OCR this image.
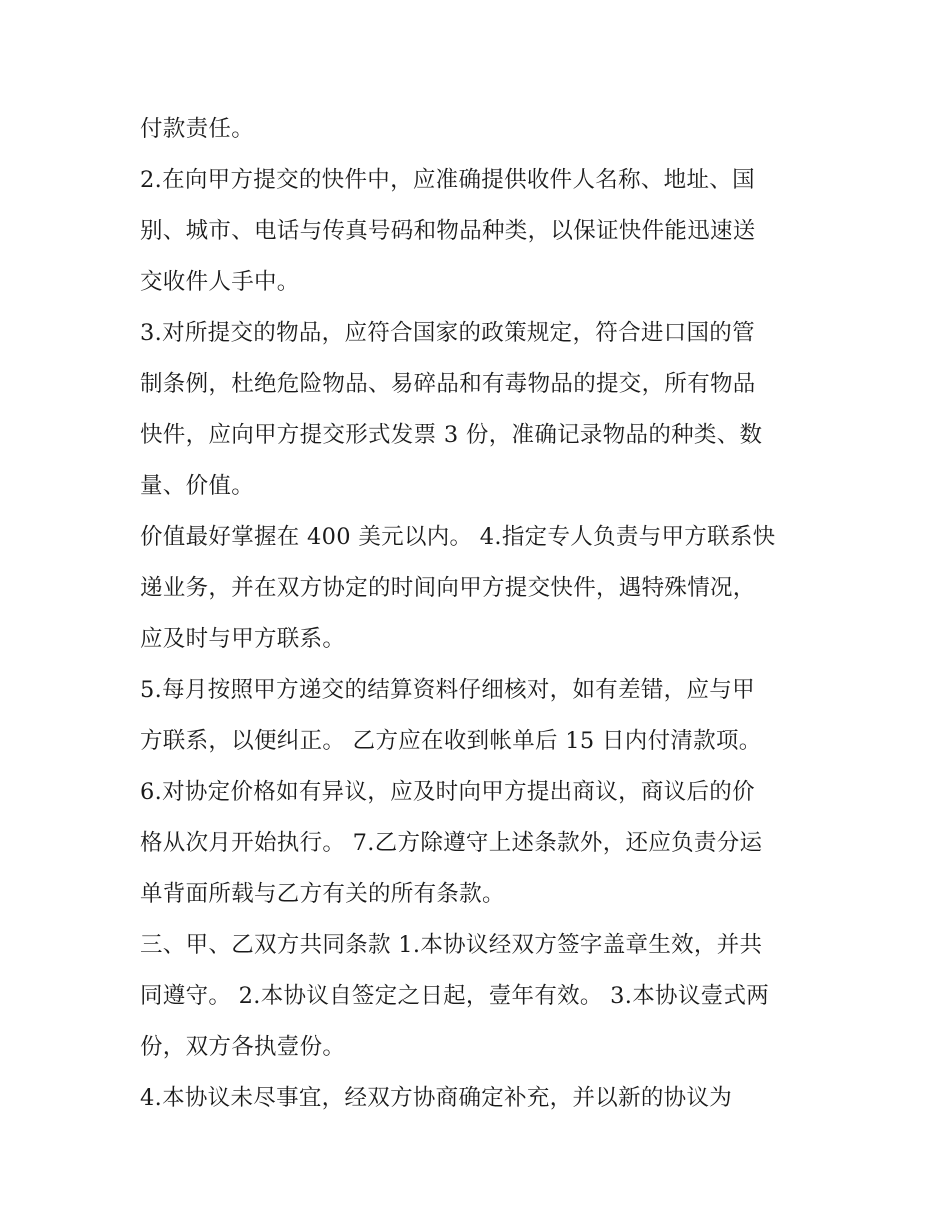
付款责任。
2.在向甲方提交的快件中，应准确提供收件人名称、地址、国
别、城市、电话与传真号码和物品种类，以保证快件能迅速送
交收件人手中。
3.对所提交的物品，应符合国家的政策规定，符合进口国的管
制条例，杜绝危险物品、易碎品和有毒物品的提交，所有物品
快件，应向甲方提交形式发票 3 份，准确记录物品的种类、数
量、价值。
价值最好掌握在 400 美元以内。 4.指定专人负责与甲方联系快
递业务，并在双方协定的时间向甲方提交快件，遇特殊情况，
应及时与甲方联系。
5.每月按照甲方递交的结算资料仔细核对，如有差错，应与甲
方联系，以便纠正。 乙方应在收到帐单后 15 日内付清款项。
6.对协定价格如有异议，应及时向甲方提出商议，商议后的价
格从次月开始执行。 7.乙方除遵守上述条款外，还应负责分运
单背面所载与乙方有关的所有条款。
三、甲、乙双方共同条款 1.本协议经双方签字盖章生效，并共
同遵守。 2.本协议自签定之日起，壹年有效。 3.本协议壹式两
份，双方各执壹份。
4.本协议未尽事宜，经双方协商确定补充，并以新的协议为
